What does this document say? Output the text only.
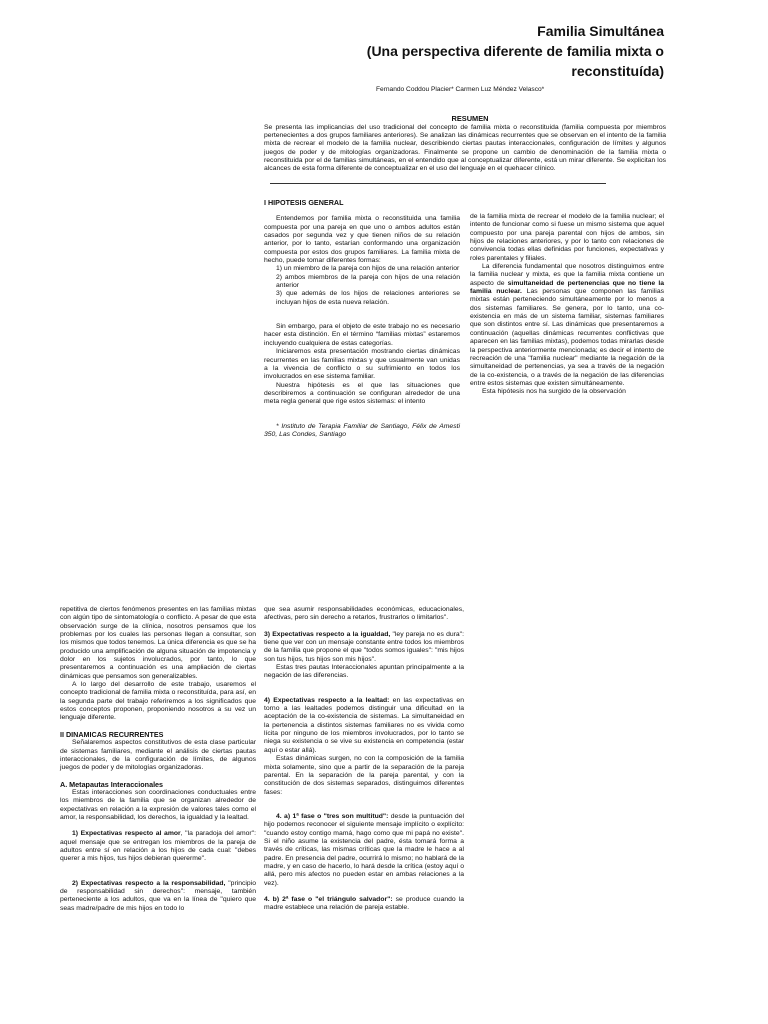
Familia Simultánea
(Una perspectiva diferente de familia mixta o
reconstituída)
Fernando Coddou Placier* Carmen Luz Méndez Velasco*
RESUMEN
Se presenta las implicancias del uso tradicional del concepto de familia mixta o reconstituida (familia compuesta por miembros pertenecientes a dos grupos familiares anteriores). Se analizan las dinámicas recurrentes que se observan en el intento de la familia mixta de recrear el modelo de la familia nuclear, describiendo ciertas pautas interaccionales, configuración de límites y algunos juegos de poder y de mitologías organizadoras. Finalmente se propone un cambio de denominación de la familia mixta o reconstituida por el de familias simultáneas, en el entendido que al conceptualizar diferente, está un mirar diferente. Se explicitan los alcances de esta forma diferente de conceptualizar en el uso del lenguaje en el quehacer clínico.

I HIPOTESIS GENERAL

Entendemos por familia mixta o reconstituida una familia compuesta por una pareja en que uno o ambos adultos están casados por segunda vez y que tienen niños de su relación anterior, por lo tanto, estarían conformando una organización compuesta por estos dos grupos familiares. La familia mixta de hecho, puede tomar diferentes formas:

1) un miembro de la pareja con hijos de una relación anterior

2) ambos miembros de la pareja con hijos de una relación anterior

3) que además de los hijos de relaciones anteriores se incluyan hijos de esta nueva relación.

Sin embargo, para el objeto de este trabajo no es necesario hacer esta distinción. En el término “familias mixtas” estaremos incluyendo cualquiera de estas categorías.

Iniciaremos esta presentación mostrando ciertas dinámicas recurrentes en las familias mixtas y que usualmente van unidas a la vivencia de conflicto o su sufrimiento en todos los involucrados en ese sistema familiar.

Nuestra hipótesis es el que las situaciones que describiremos a continuación se configuran alrededor de una meta regla general que rige estos sistemas: el intento

* Instituto de Terapia Familiar de Santiago, Félix de Amesti 350, Las Condes, Santiago

de la familia mixta de recrear el modelo de la familia nuclear; el intento de funcionar como si fuese un mismo sistema que aquel compuesto por una pareja parental con hijos de ambos, sin hijos de relaciones anteriores, y por lo tanto con relaciones de convivencia todas ellas definidas por funciones, expectativas y roles parentales y filiales.

La diferencia fundamental que nosotros distinguimos entre la familia nuclear y mixta, es que la familia mixta contiene un aspecto de simultaneidad de pertenencias que no tiene la familia nuclear. Las personas que componen las familias mixtas están perteneciendo simultáneamente por lo menos a dos sistemas familiares. Se genera, por lo tanto, una co-existencia en más de un sistema familiar, sistemas familiares que son distintos entre sí. Las dinámicas que presentaremos a continuación (aquellas dinámicas recurrentes conflictivas que aparecen en las familias mixtas), podemos todas mirarlas desde la perspectiva anteriormente mencionada; es decir el intento de recreación de una "familia nuclear" mediante la negación de la simultaneidad de pertenencias, ya sea a través de la negación de la co-existencia, o a través de la negación de las diferencias entre estos sistemas que existen simultáneamente.

Esta hipótesis nos ha surgido de la observación

repetitiva de ciertos fenómenos presentes en las familias mixtas con algún tipo de sintomatología o conflicto. A pesar de que esta observación surge de la clínica, nosotros pensamos que los problemas por los cuales las personas llegan a consultar, son los mismos que todos tenemos. La única diferencia es que se ha producido una amplificación de alguna situación de impotencia y dolor en los sujetos involucrados, por tanto, lo que presentaremos a continuación es una ampliación de ciertas dinámicas que pensamos son generalizables.

A lo largo del desarrollo de este trabajo, usaremos el concepto tradicional de familia mixta o reconstituída, para así, en la segunda parte del trabajo referiremos a los significados que estos conceptos proponen, proponiendo nosotros a su vez un lenguaje diferente.

II DINAMICAS RECURRENTES

Señalaremos aspectos constitutivos de esta clase particular de sistemas familiares, mediante el análisis de ciertas pautas interaccionales, de la configuración de límites, de algunos juegos de poder y de mitologías organizadoras.

A. Metapautas Interaccionales

Estas interacciones son coordinaciones conductuales entre los miembros de la familia que se organizan alrededor de expectativas en relación a la expresión de valores tales como el amor, la responsabilidad, los derechos, la igualdad y la lealtad.

1) Expectativas respecto al amor, "la paradoja del amor": aquel mensaje que se entregan los miembros de la pareja de adultos entre sí en relación a los hijos de cada cual: "debes querer a mis hijos, tus hijos debieran quererme".

2) Expectativas respecto a la responsabilidad, "principio de responsabilidad sin derechos": mensaje, también perteneciente a los adultos, que va en la línea de "quiero que seas madre/padre de mis hijos en todo lo

que sea asumir responsabilidades económicas, educacionales, afectivas, pero sin derecho a retarlos, frustrarlos o limitarlos".

3) Expectativas respecto a la igualdad, "ley pareja no es dura": tiene que ver con un mensaje constante entre todos los miembros de la familia que propone el que "todos somos iguales": "mis hijos son tus hijos, tus hijos son mis hijos".

Estas tres pautas Interaccionales apuntan principalmente a la negación de las diferencias.

4) Expectativas respecto a la lealtad: en las expectativas en torno a las lealtades podemos distinguir una dificultad en la aceptación de la co-existencia de sistemas. La simultaneidad en la pertenencia a distintos sistemas familiares no es vivida como lícita por ninguno de los miembros involucrados, por lo tanto se niega su existencia o se vive su existencia en competencia (estar aquí o estar allá).

Estas dinámicas surgen, no con la composición de la familia mixta solamente, sino que a partir de la separación de la pareja parental. En la separación de la pareja parental, y con la constitución de dos sistemas separados, distinguimos diferentes fases:

4. a) 1ª fase o "tres son multitud": desde la puntuación del hijo podemos reconocer el siguiente mensaje implícito o explícito: "cuando estoy contigo mamá, hago como que mi papá no existe". Si el niño asume la existencia del padre, ésta tomará forma a través de críticas, las mismas críticas que la madre le hace a al padre. En presencia del padre, ocurrirá lo mismo; no hablará de la madre, y en caso de hacerlo, lo hará desde la crítica (estoy aquí o allá, pero mis afectos no pueden estar en ambas relaciones a la vez).

4. b) 2ª fase o "el triángulo salvador": se produce cuando la madre establece una relación de pareja estable.
